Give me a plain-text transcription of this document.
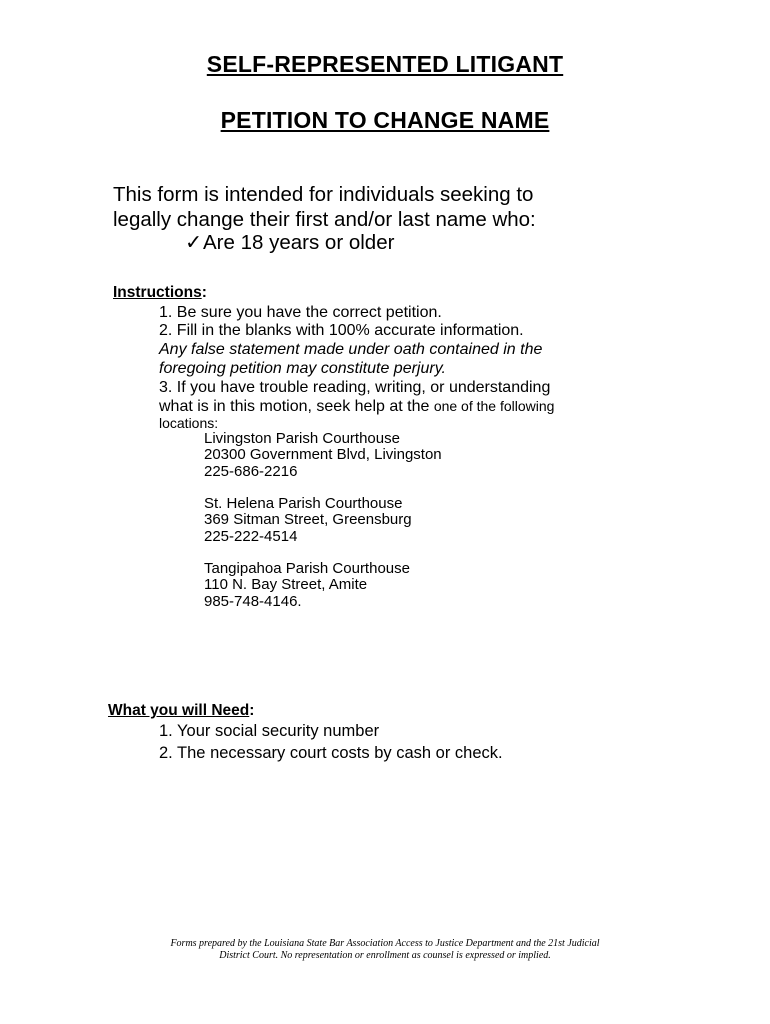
SELF-REPRESENTED LITIGANT
PETITION TO CHANGE NAME
This form is intended for individuals seeking to
legally change their first and/or last name who:
✓Are 18 years or older
Instructions:
1. Be sure you have the correct petition.
2. Fill in the blanks with 100% accurate information.
Any false statement made under oath contained in the
foregoing petition may constitute perjury.
3. If you have trouble reading, writing, or understanding
what is in this motion, seek help at the one of the following
locations:
Livingston Parish Courthouse
20300 Government Blvd, Livingston
225-686-2216
St. Helena Parish Courthouse
369 Sitman Street, Greensburg
225-222-4514
Tangipahoa Parish Courthouse
110 N. Bay Street, Amite
985-748-4146.
What you will Need:
1. Your social security number
2. The necessary court costs by cash or check.
Forms prepared by the Louisiana State Bar Association Access to Justice Department and the 21st Judicial
District Court. No representation or enrollment as counsel is expressed or implied.
